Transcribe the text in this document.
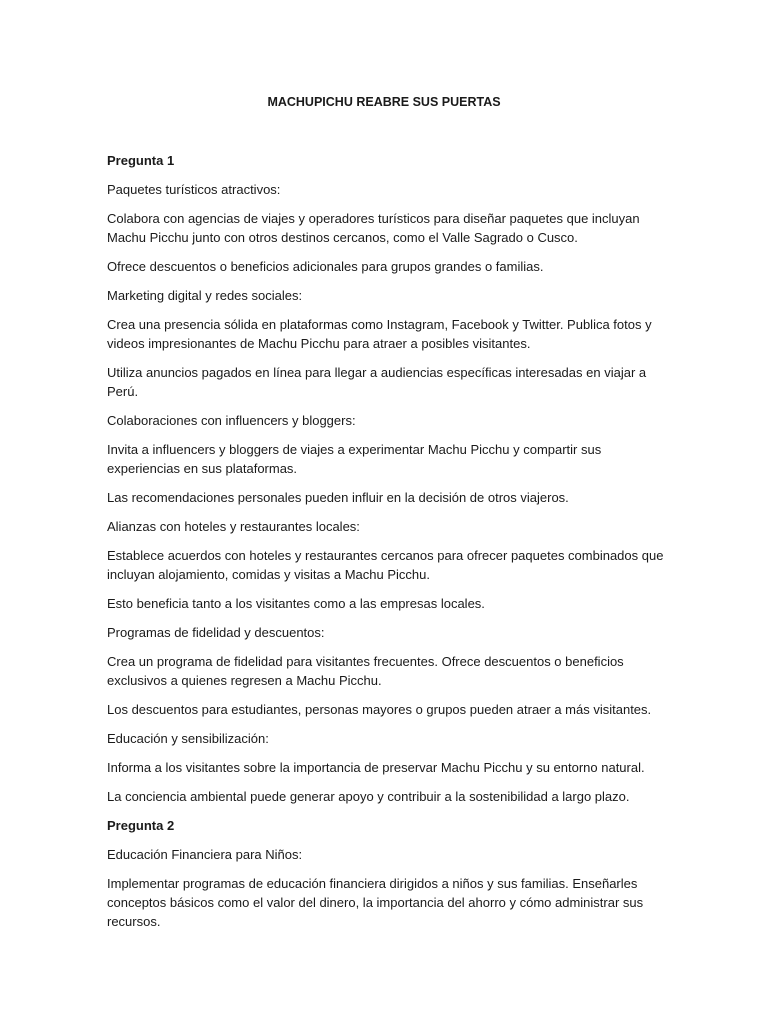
MACHUPICHU REABRE SUS PUERTAS

Pregunta 1

Paquetes turísticos atractivos:

Colabora con agencias de viajes y operadores turísticos para diseñar paquetes que incluyan Machu Picchu junto con otros destinos cercanos, como el Valle Sagrado o Cusco.

Ofrece descuentos o beneficios adicionales para grupos grandes o familias.

Marketing digital y redes sociales:

Crea una presencia sólida en plataformas como Instagram, Facebook y Twitter. Publica fotos y videos impresionantes de Machu Picchu para atraer a posibles visitantes.

Utiliza anuncios pagados en línea para llegar a audiencias específicas interesadas en viajar a Perú.

Colaboraciones con influencers y bloggers:

Invita a influencers y bloggers de viajes a experimentar Machu Picchu y compartir sus experiencias en sus plataformas.

Las recomendaciones personales pueden influir en la decisión de otros viajeros.

Alianzas con hoteles y restaurantes locales:

Establece acuerdos con hoteles y restaurantes cercanos para ofrecer paquetes combinados que incluyan alojamiento, comidas y visitas a Machu Picchu.

Esto beneficia tanto a los visitantes como a las empresas locales.

Programas de fidelidad y descuentos:

Crea un programa de fidelidad para visitantes frecuentes. Ofrece descuentos o beneficios exclusivos a quienes regresen a Machu Picchu.

Los descuentos para estudiantes, personas mayores o grupos pueden atraer a más visitantes.

Educación y sensibilización:

Informa a los visitantes sobre la importancia de preservar Machu Picchu y su entorno natural.

La conciencia ambiental puede generar apoyo y contribuir a la sostenibilidad a largo plazo.

Pregunta 2

Educación Financiera para Niños:

Implementar programas de educación financiera dirigidos a niños y sus familias. Enseñarles conceptos básicos como el valor del dinero, la importancia del ahorro y cómo administrar sus recursos.
